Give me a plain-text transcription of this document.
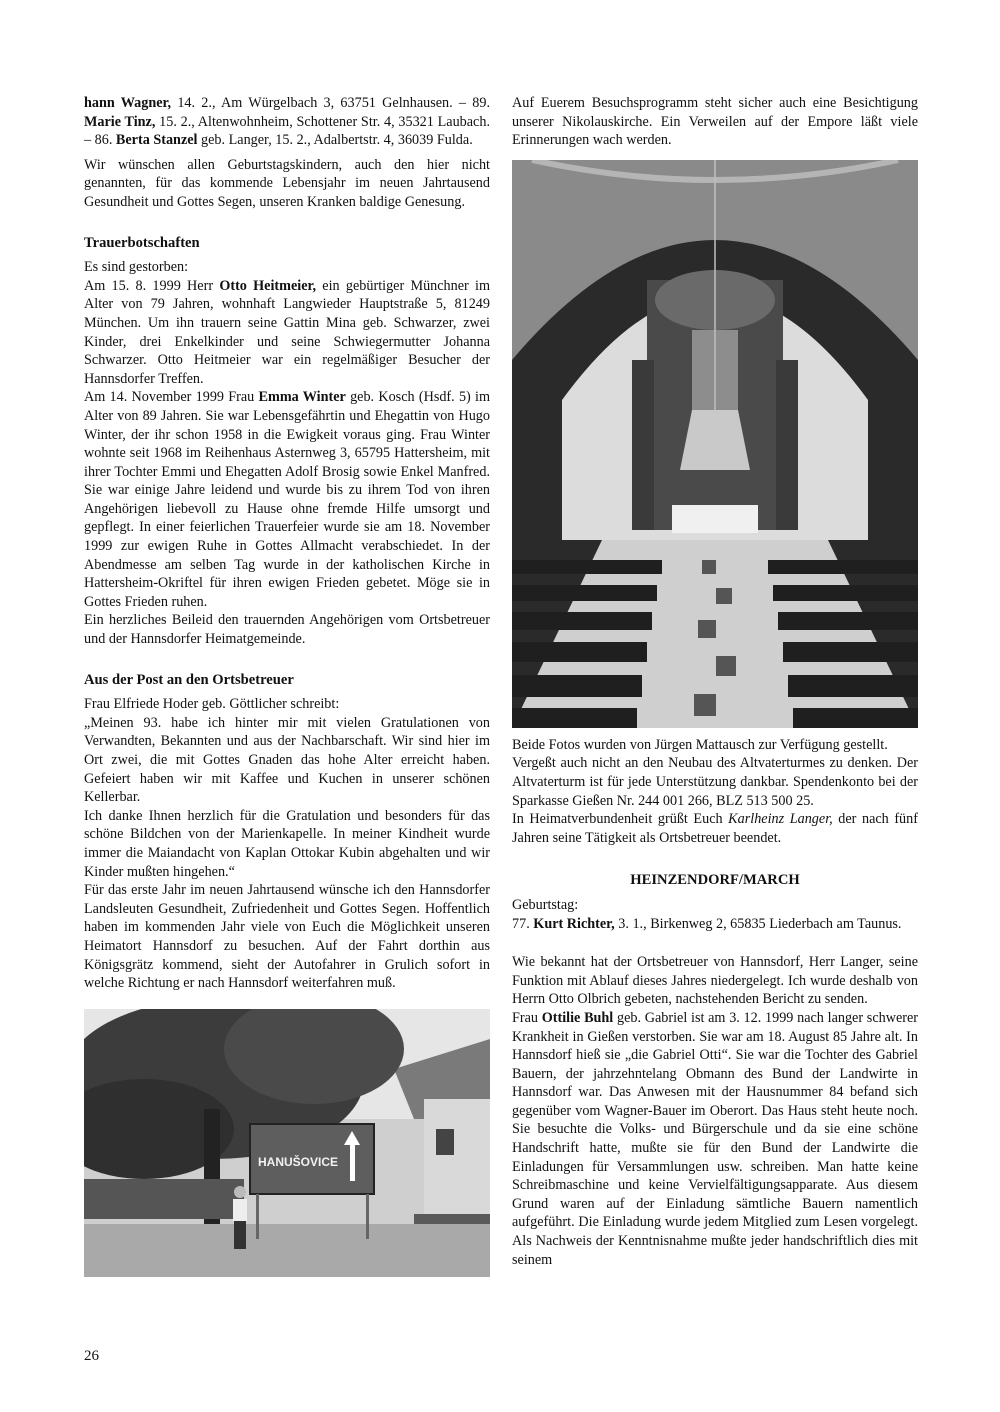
hann Wagner, 14. 2., Am Würgelbach 3, 63751 Gelnhausen. – 89. Marie Tinz, 15. 2., Altenwohnheim, Schottener Str. 4, 35321 Laubach. – 86. Berta Stanzel geb. Langer, 15. 2., Adalbertstr. 4, 36039 Fulda.

Wir wünschen allen Geburtstagskindern, auch den hier nicht genannten, für das kommende Lebensjahr im neuen Jahrtausend Gesundheit und Gottes Segen, unseren Kranken baldige Genesung.

Trauerbotschaften

Es sind gestorben:

Am 15. 8. 1999 Herr Otto Heitmeier, ein gebürtiger Münchner im Alter von 79 Jahren, wohnhaft Langwieder Hauptstraße 5, 81249 München. Um ihn trauern seine Gattin Mina geb. Schwarzer, zwei Kinder, drei Enkelkinder und seine Schwiegermutter Johanna Schwarzer. Otto Heitmeier war ein regelmäßiger Besucher der Hannsdorfer Treffen.

Am 14. November 1999 Frau Emma Winter geb. Kosch (Hsdf. 5) im Alter von 89 Jahren. Sie war Lebensgefährtin und Ehegattin von Hugo Winter, der ihr schon 1958 in die Ewigkeit voraus ging. Frau Winter wohnte seit 1968 im Reihenhaus Asternweg 3, 65795 Hattersheim, mit ihrer Tochter Emmi und Ehegatten Adolf Brosig sowie Enkel Manfred. Sie war einige Jahre leidend und wurde bis zu ihrem Tod von ihren Angehörigen liebevoll zu Hause ohne fremde Hilfe umsorgt und gepflegt. In einer feierlichen Trauerfeier wurde sie am 18. November 1999 zur ewigen Ruhe in Gottes Allmacht verabschiedet. In der Abendmesse am selben Tag wurde in der katholischen Kirche in Hattersheim-Okriftel für ihren ewigen Frieden gebetet. Möge sie in Gottes Frieden ruhen.

Ein herzliches Beileid den trauernden Angehörigen vom Ortsbetreuer und der Hannsdorfer Heimatgemeinde.

Aus der Post an den Ortsbetreuer

Frau Elfriede Hoder geb. Göttlicher schreibt:

„Meinen 93. habe ich hinter mir mit vielen Gratulationen von Verwandten, Bekannten und aus der Nachbarschaft. Wir sind hier im Ort zwei, die mit Gottes Gnaden das hohe Alter erreicht haben. Gefeiert haben wir mit Kaffee und Kuchen in unserer schönen Kellerbar.

Ich danke Ihnen herzlich für die Gratulation und besonders für das schöne Bildchen von der Marienkapelle. In meiner Kindheit wurde immer die Maiandacht von Kaplan Ottokar Kubin abgehalten und wir Kinder mußten hingehen.“

Für das erste Jahr im neuen Jahrtausend wünsche ich den Hannsdorfer Landsleuten Gesundheit, Zufriedenheit und Gottes Segen. Hoffentlich haben im kommenden Jahr viele von Euch die Möglichkeit unseren Heimatort Hannsdorf zu besuchen. Auf der Fahrt dorthin aus Königsgrätz kommend, sieht der Autofahrer in Grulich sofort in welche Richtung er nach Hannsdorf weiterfahren muß.

HANUŠOVICE

Auf Euerem Besuchsprogramm steht sicher auch eine Besichtigung unserer Nikolauskirche. Ein Verweilen auf der Empore läßt viele Erinnerungen wach werden.

Beide Fotos wurden von Jürgen Mattausch zur Verfügung gestellt.

Vergeßt auch nicht an den Neubau des Altvaterturmes zu denken. Der Altvaterturm ist für jede Unterstützung dankbar. Spendenkonto bei der Sparkasse Gießen Nr. 244 001 266, BLZ 513 500 25.

In Heimatverbundenheit grüßt Euch Karlheinz Langer, der nach fünf Jahren seine Tätigkeit als Ortsbetreuer beendet.

HEINZENDORF/MARCH

Geburtstag:

77. Kurt Richter, 3. 1., Birkenweg 2, 65835 Liederbach am Taunus.

Wie bekannt hat der Ortsbetreuer von Hannsdorf, Herr Langer, seine Funktion mit Ablauf dieses Jahres niedergelegt. Ich wurde deshalb von Herrn Otto Olbrich gebeten, nachstehenden Bericht zu senden.

Frau Ottilie Buhl geb. Gabriel ist am 3. 12. 1999 nach langer schwerer Krankheit in Gießen verstorben. Sie war am 18. August 85 Jahre alt. In Hannsdorf hieß sie „die Gabriel Otti“. Sie war die Tochter des Gabriel Bauern, der jahrzehntelang Obmann des Bund der Landwirte in Hannsdorf war. Das Anwesen mit der Hausnummer 84 befand sich gegenüber vom Wagner-Bauer im Oberort. Das Haus steht heute noch. Sie besuchte die Volks- und Bürgerschule und da sie eine schöne Handschrift hatte, mußte sie für den Bund der Landwirte die Einladungen für Versammlungen usw. schreiben. Man hatte keine Schreibmaschine und keine Vervielfältigungsapparate. Aus diesem Grund waren auf der Einladung sämtliche Bauern namentlich aufgeführt. Die Einladung wurde jedem Mitglied zum Lesen vorgelegt. Als Nachweis der Kenntnisnahme mußte jeder handschriftlich dies mit seinem

26
